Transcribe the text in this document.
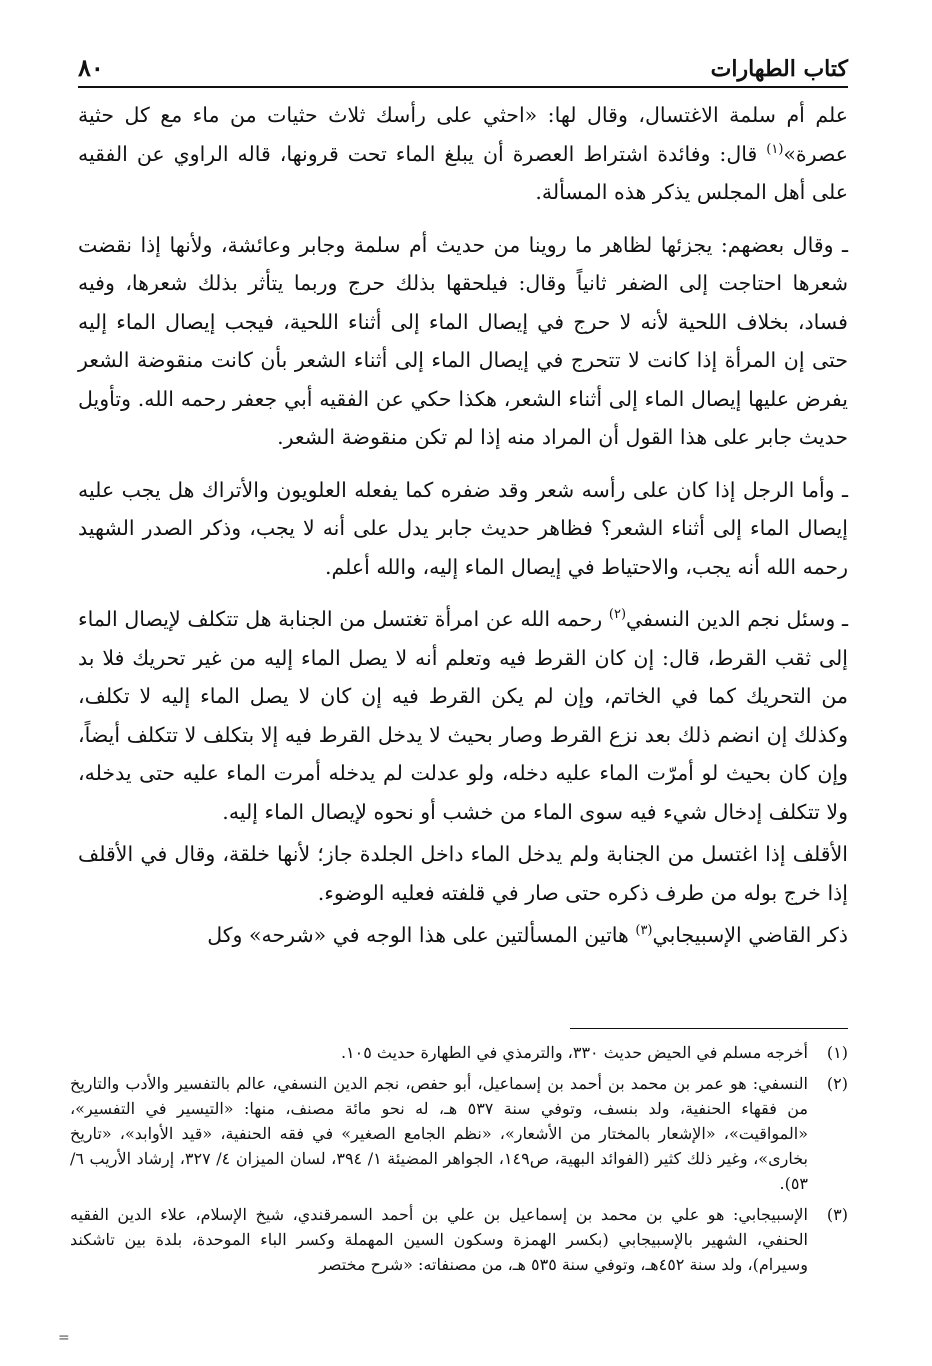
كتاب الطهارات
٨٠

علم أم سلمة الاغتسال، وقال لها: «احثي على رأسك ثلاث حثيات من ماء مع كل حثية عصرة»$^{(١)}$ قال: وفائدة اشتراط العصرة أن يبلغ الماء تحت قرونها، قاله الراوي عن الفقيه على أهل المجلس يذكر هذه المسألة.

ـ وقال بعضهم: يجزئها لظاهر ما روينا من حديث أم سلمة وجابر وعائشة، ولأنها إذا نقضت شعرها احتاجت إلى الضفر ثانياً وقال: فيلحقها بذلك حرج وربما يتأثر بذلك شعرها، وفيه فساد، بخلاف اللحية لأنه لا حرج في إيصال الماء إلى أثناء اللحية، فيجب إيصال الماء إليه حتى إن المرأة إذا كانت لا تتحرج في إيصال الماء إلى أثناء الشعر بأن كانت منقوضة الشعر يفرض عليها إيصال الماء إلى أثناء الشعر، هكذا حكي عن الفقيه أبي جعفر رحمه الله. وتأويل حديث جابر على هذا القول أن المراد منه إذا لم تكن منقوضة الشعر.

ـ وأما الرجل إذا كان على رأسه شعر وقد ضفره كما يفعله العلويون والأتراك هل يجب عليه إيصال الماء إلى أثناء الشعر؟ فظاهر حديث جابر يدل على أنه لا يجب، وذكر الصدر الشهيد رحمه الله أنه يجب، والاحتياط في إيصال الماء إليه، والله أعلم.

ـ وسئل نجم الدين النسفي$^{(٢)}$ رحمه الله عن امرأة تغتسل من الجنابة هل تتكلف لإيصال الماء إلى ثقب القرط، قال: إن كان القرط فيه وتعلم أنه لا يصل الماء إليه من غير تحريك فلا بد من التحريك كما في الخاتم، وإن لم يكن القرط فيه إن كان لا يصل الماء إليه لا تكلف، وكذلك إن انضم ذلك بعد نزع القرط وصار بحيث لا يدخل القرط فيه إلا بتكلف لا تتكلف أيضاً، وإن كان بحيث لو أمرّت الماء عليه دخله، ولو عدلت لم يدخله أمرت الماء عليه حتى يدخله، ولا تتكلف إدخال شيء فيه سوى الماء من خشب أو نحوه لإيصال الماء إليه.

الأقلف إذا اغتسل من الجنابة ولم يدخل الماء داخل الجلدة جاز؛ لأنها خلقة، وقال في الأقلف إذا خرج بوله من طرف ذكره حتى صار في قلفته فعليه الوضوء.

ذكر القاضي الإسبيجابي$^{(٣)}$ هاتين المسألتين على هذا الوجه في «شرحه» وكل

(١)
أخرجه مسلم في الحيض حديث ٣٣٠، والترمذي في الطهارة حديث ١٠٥.
(٢)
النسفي: هو عمر بن محمد بن أحمد بن إسماعيل، أبو حفص، نجم الدين النسفي، عالم بالتفسير والأدب والتاريخ من فقهاء الحنفية، ولد بنسف، وتوفي سنة ٥٣٧ هـ، له نحو مائة مصنف، منها: «التيسير في التفسير»، «المواقيت»، «الإشعار بالمختار من الأشعار»، «نظم الجامع الصغير» في فقه الحنفية، «قيد الأوابد»، «تاريخ بخارى»، وغير ذلك كثير (الفوائد البهية، ص١٤٩، الجواهر المضيئة ١/ ٣٩٤، لسان الميزان ٤/ ٣٢٧، إرشاد الأريب ٦/ ٥٣).
(٣)
الإسبيجابي: هو علي بن محمد بن إسماعيل بن علي بن أحمد السمرقندي، شيخ الإسلام، علاء الدين الفقيه الحنفي، الشهير بالإسبيجابي (بكسر الهمزة وسكون السين المهملة وكسر الباء الموحدة، بلدة بين تاشكند وسيرام)، ولد سنة ٤٥٢هـ، وتوفي سنة ٥٣٥ هـ، من مصنفاته: «شرح مختصر
=
